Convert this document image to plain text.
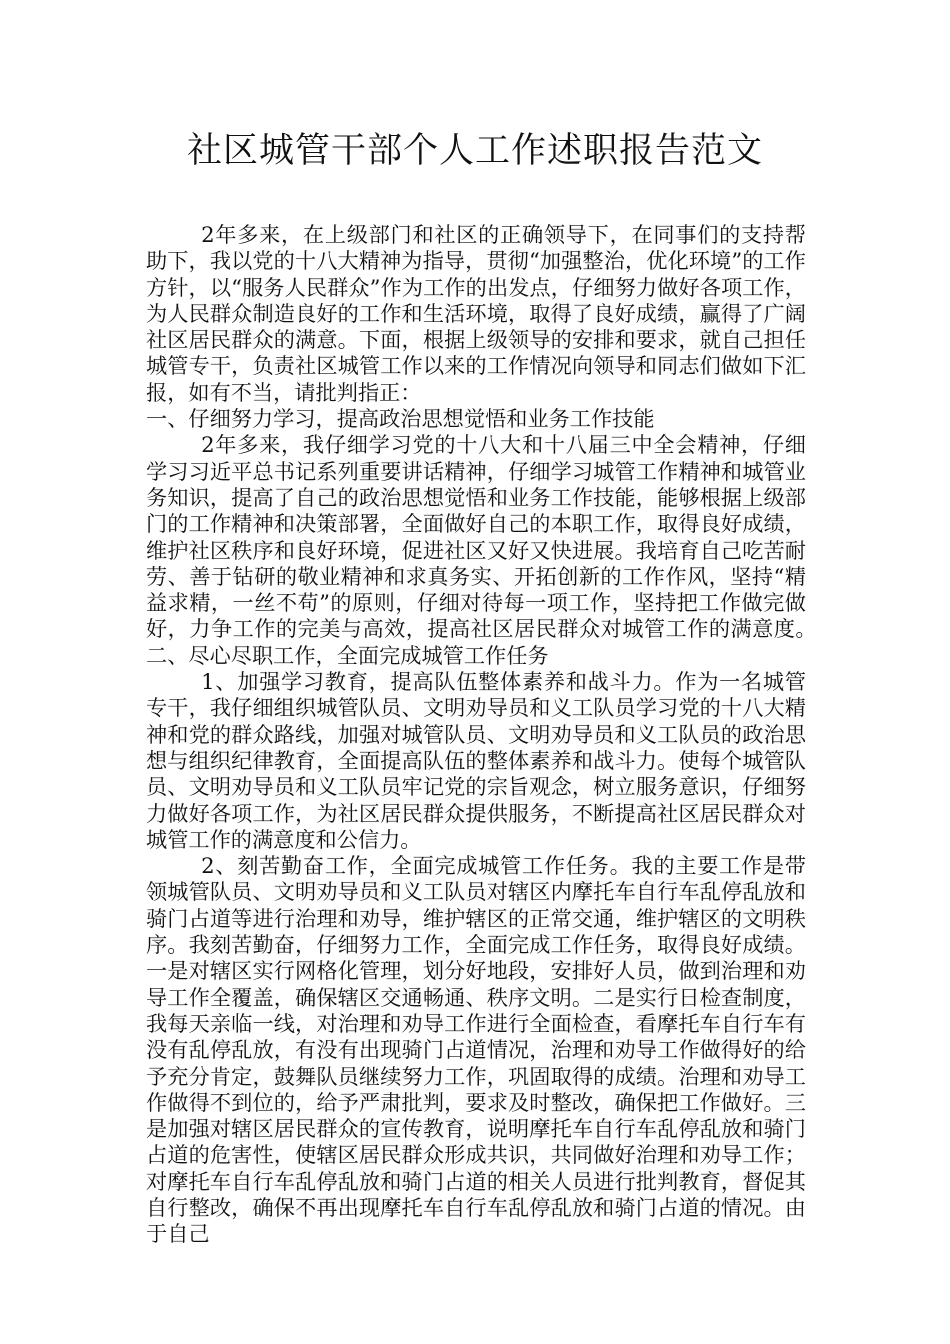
社区城管干部个人工作述职报告范文

2年多来，在上级部门和社区的正确领导下，在同事们的支持帮助下，我以党的十八大精神为指导，贯彻“加强整治，优化环境”的工作方针，以“服务人民群众”作为工作的出发点，仔细努力做好各项工作，为人民群众制造良好的工作和生活环境，取得了良好成绩，赢得了广阔社区居民群众的满意。下面，根据上级领导的安排和要求，就自己担任城管专干，负责社区城管工作以来的工作情况向领导和同志们做如下汇报，如有不当，请批判指正：

一、仔细努力学习，提高政治思想觉悟和业务工作技能

2年多来，我仔细学习党的十八大和十八届三中全会精神，仔细学习习近平总书记系列重要讲话精神，仔细学习城管工作精神和城管业务知识，提高了自己的政治思想觉悟和业务工作技能，能够根据上级部门的工作精神和决策部署，全面做好自己的本职工作，取得良好成绩，维护社区秩序和良好环境，促进社区又好又快进展。我培育自己吃苦耐劳、善于钻研的敬业精神和求真务实、开拓创新的工作作风，坚持“精益求精，一丝不苟”的原则，仔细对待每一项工作，坚持把工作做完做好，力争工作的完美与高效，提高社区居民群众对城管工作的满意度。　　二、尽心尽职工作，全面完成城管工作任务

1、加强学习教育，提高队伍整体素养和战斗力。作为一名城管专干，我仔细组织城管队员、文明劝导员和义工队员学习党的十八大精神和党的群众路线，加强对城管队员、文明劝导员和义工队员的政治思想与组织纪律教育，全面提高队伍的整体素养和战斗力。使每个城管队员、文明劝导员和义工队员牢记党的宗旨观念，树立服务意识，仔细努力做好各项工作，为社区居民群众提供服务，不断提高社区居民群众对城管工作的满意度和公信力。

2、刻苦勤奋工作，全面完成城管工作任务。我的主要工作是带领城管队员、文明劝导员和义工队员对辖区内摩托车自行车乱停乱放和骑门占道等进行治理和劝导，维护辖区的正常交通，维护辖区的文明秩序。我刻苦勤奋，仔细努力工作，全面完成工作任务，取得良好成绩。一是对辖区实行网格化管理，划分好地段，安排好人员，做到治理和劝导工作全覆盖，确保辖区交通畅通、秩序文明。二是实行日检查制度，我每天亲临一线，对治理和劝导工作进行全面检查，看摩托车自行车有没有乱停乱放，有没有出现骑门占道情况，治理和劝导工作做得好的给予充分肯定，鼓舞队员继续努力工作，巩固取得的成绩。治理和劝导工作做得不到位的，给予严肃批判，要求及时整改，确保把工作做好。三是加强对辖区居民群众的宣传教育，说明摩托车自行车乱停乱放和骑门占道的危害性，使辖区居民群众形成共识，共同做好治理和劝导工作；对摩托车自行车乱停乱放和骑门占道的相关人员进行批判教育，督促其自行整改，确保不再出现摩托车自行车乱停乱放和骑门占道的情况。由于自己
